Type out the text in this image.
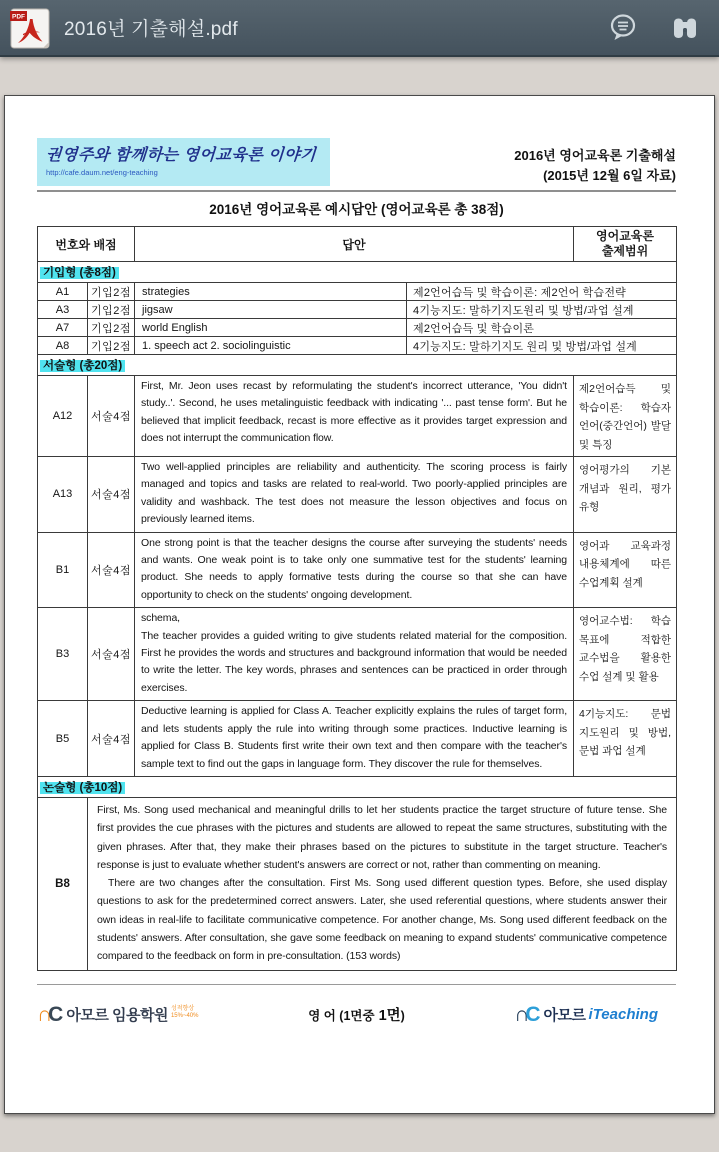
PDF
2016년 기출해설.pdf
권영주와 함께하는 영어교육론 이야기
http://cafe.daum.net/eng-teaching
2016년 영어교육론 기출해설
(2015년 12월 6일 자료)
2016년 영어교육론 예시답안 (영어교육론 총 38점)
번호와 배점		답안		영어교육론
출제범위

기입형 (총8점)				
A1	기입2점	strategies	제2언어습득 및 학습이론: 제2언어 학습전략	
A3	기입2점	jigsaw	4기능지도: 말하기지도원리 및 방법/과업 설계	
A7	기입2점	world English	제2언어습득 및 학습이론	
A8	기입2점	1. speech act 2. sociolinguistic	4기능지도: 말하기지도 원리 및 방법/과업 설계	
서술형 (총20점)				
A12	서술4점	First, Mr. Jeon uses recast by reformulating the student's incorrect utterance, 'You didn't study..'. Second, he uses metalinguistic feedback with indicating '... past tense form'. But he believed that implicit feedback, recast is more effective as it provides target expression and does not interrupt the communication flow.		제2언어습득 및 학습이론: 학습자 언어(중간언어) 발달 및 특징
A13	서술4점	Two well-applied principles are reliability and authenticity. The scoring process is fairly managed and topics and tasks are related to real-world. Two poorly-applied principles are validity and washback. The test does not measure the lesson objectives and focus on previously learned items.		영어평가의 기본 개념과 원리, 평가 유형
B1	서술4점	One strong point is that the teacher designs the course after surveying the students' needs and wants. One weak point is to take only one summative test for the students' learning product. She needs to apply formative tests during the course so that she can have opportunity to check on the students' ongoing development.		영어과 교육과정 내용체계에 따른 수업계획 설계
B3	서술4점	schema,
The teacher provides a guided writing to give students related material for the composition. First he provides the words and structures and background information that would be needed to write the letter. The key words, phrases and sentences can be practiced in order through exercises.		영어교수법: 학습 목표에 적합한 교수법을 활용한 수업 설계 및 활용
B5	서술4점	Deductive learning is applied for Class A. Teacher explicitly explains the rules of target form, and lets students apply the rule into writing through some practices. Inductive learning is applied for Class B. Students first write their own text and then compare with the teacher's sample text to find out the gaps in language form. They discover the rule for themselves.		4기능지도: 문법 지도원리 및 방법, 문법 과업 설계
논술형 (총10점)				
B8	First, Ms. Song used mechanical and meaningful drills to let her students practice the target structure of future tense. She first provides the cue phrases with the pictures and students are allowed to repeat the same structures, substituting with the given phrases. After that, they make their phrases based on the pictures to substitute in the target structure. Teacher's response is just to evaluate whether student's answers are correct or not, rather than commenting on meaning.

There are two changes after the consultation. First Ms. Song used different question types. Before, she used display questions to ask for the predetermined correct answers. Later, she used referential questions, where students answer their own ideas in real-life to facilitate communicative competence. For another change, Ms. Song used different feedback on the students' answers. After consultation, she gave some feedback on meaning to expand students' communicative competence compared to the feedback on form in pre-consultation. (153 words)			

∩C 아모르 임용학원 성적향상
15%~40%	영 어 (1면중 1면)	∩C 아모르 iTeaching
